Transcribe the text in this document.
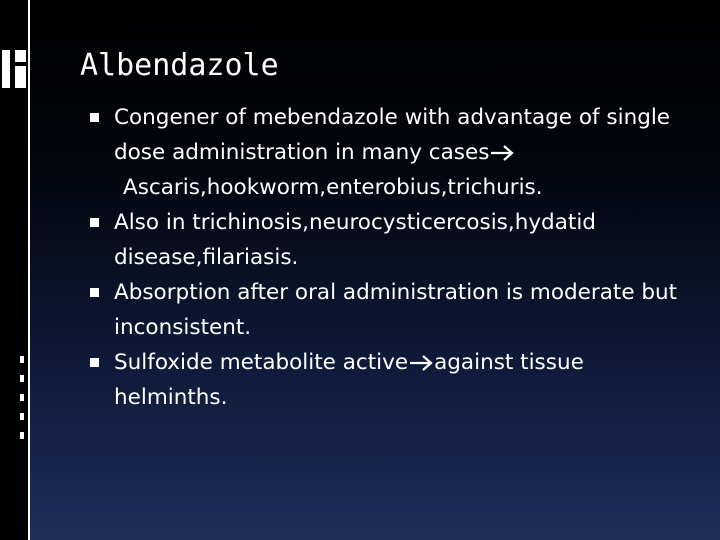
Albendazole
Congener of mebendazole with advantage of single dose administration in many cases
Ascaris,hookworm,enterobius,trichuris.
Also in trichinosis,neurocysticercosis,hydatid disease,filariasis.
Absorption after oral administration is moderate but inconsistent.
Sulfoxide metabolite active against tissue helminths.
